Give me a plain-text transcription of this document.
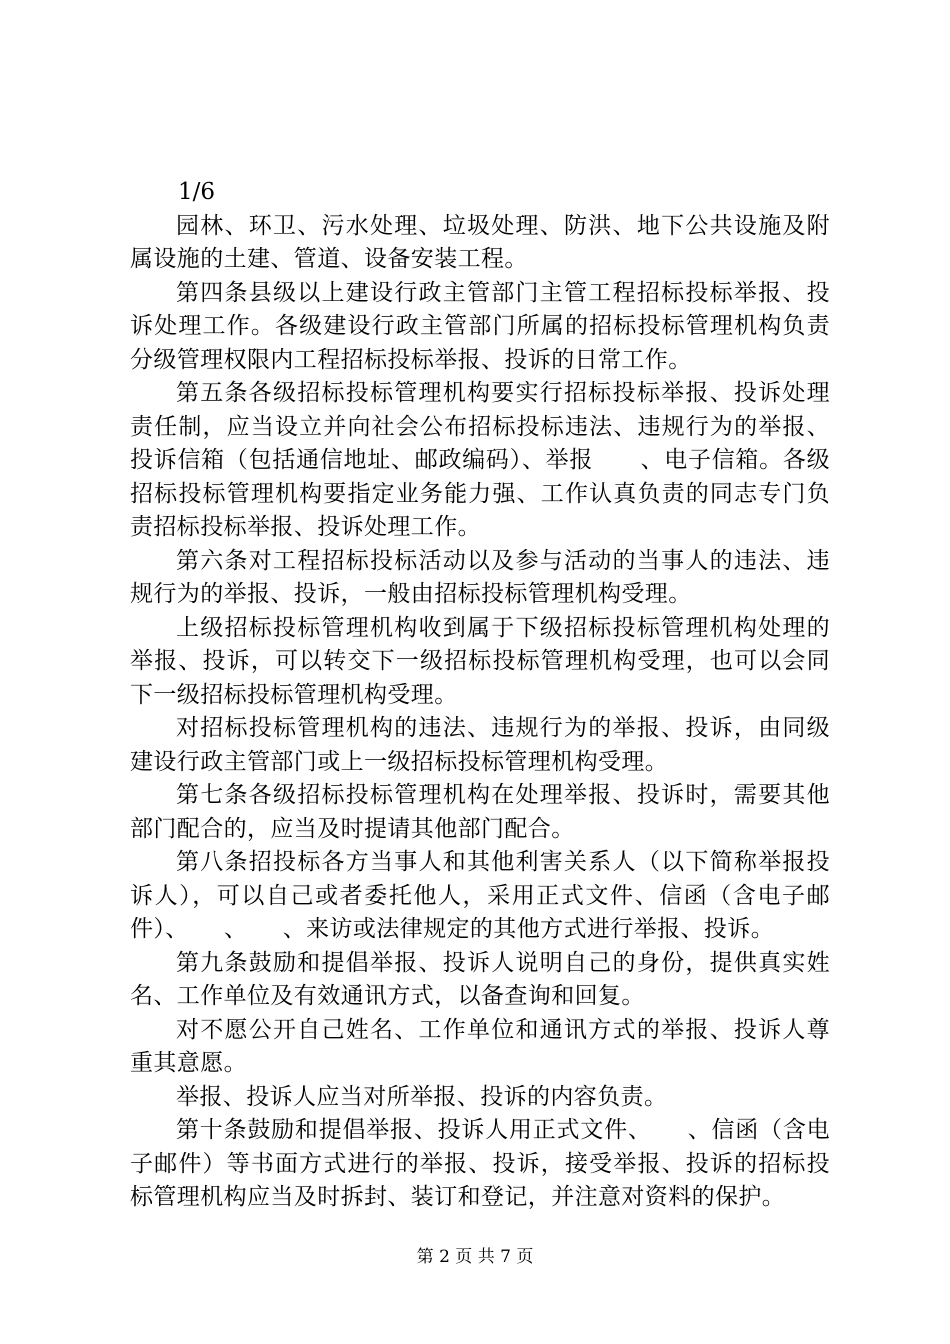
1/6

园林、环卫、污水处理、垃圾处理、防洪、地下公共设施及附属设施的土建、管道、设备安装工程。

第四条县级以上建设行政主管部门主管工程招标投标举报、投诉处理工作。各级建设行政主管部门所属的招标投标管理机构负责分级管理权限内工程招标投标举报、投诉的日常工作。

第五条各级招标投标管理机构要实行招标投标举报、投诉处理责任制，应当设立并向社会公布招标投标违法、违规行为的举报、投诉信箱（包括通信地址、邮政编码）、举报　　、电子信箱。各级招标投标管理机构要指定业务能力强、工作认真负责的同志专门负责招标投标举报、投诉处理工作。

第六条对工程招标投标活动以及参与活动的当事人的违法、违规行为的举报、投诉，一般由招标投标管理机构受理。

上级招标投标管理机构收到属于下级招标投标管理机构处理的举报、投诉，可以转交下一级招标投标管理机构受理，也可以会同下一级招标投标管理机构受理。

对招标投标管理机构的违法、违规行为的举报、投诉，由同级建设行政主管部门或上一级招标投标管理机构受理。

第七条各级招标投标管理机构在处理举报、投诉时，需要其他部门配合的，应当及时提请其他部门配合。

第八条招投标各方当事人和其他利害关系人（以下简称举报投诉人），可以自己或者委托他人，采用正式文件、信函（含电子邮件）、　　、　　、来访或法律规定的其他方式进行举报、投诉。

第九条鼓励和提倡举报、投诉人说明自己的身份，提供真实姓名、工作单位及有效通讯方式，以备查询和回复。

对不愿公开自己姓名、工作单位和通讯方式的举报、投诉人尊重其意愿。

举报、投诉人应当对所举报、投诉的内容负责。

第十条鼓励和提倡举报、投诉人用正式文件、　　、信函（含电子邮件）等书面方式进行的举报、投诉，接受举报、投诉的招标投标管理机构应当及时拆封、装订和登记，并注意对资料的保护。

第 2 页 共 7 页
